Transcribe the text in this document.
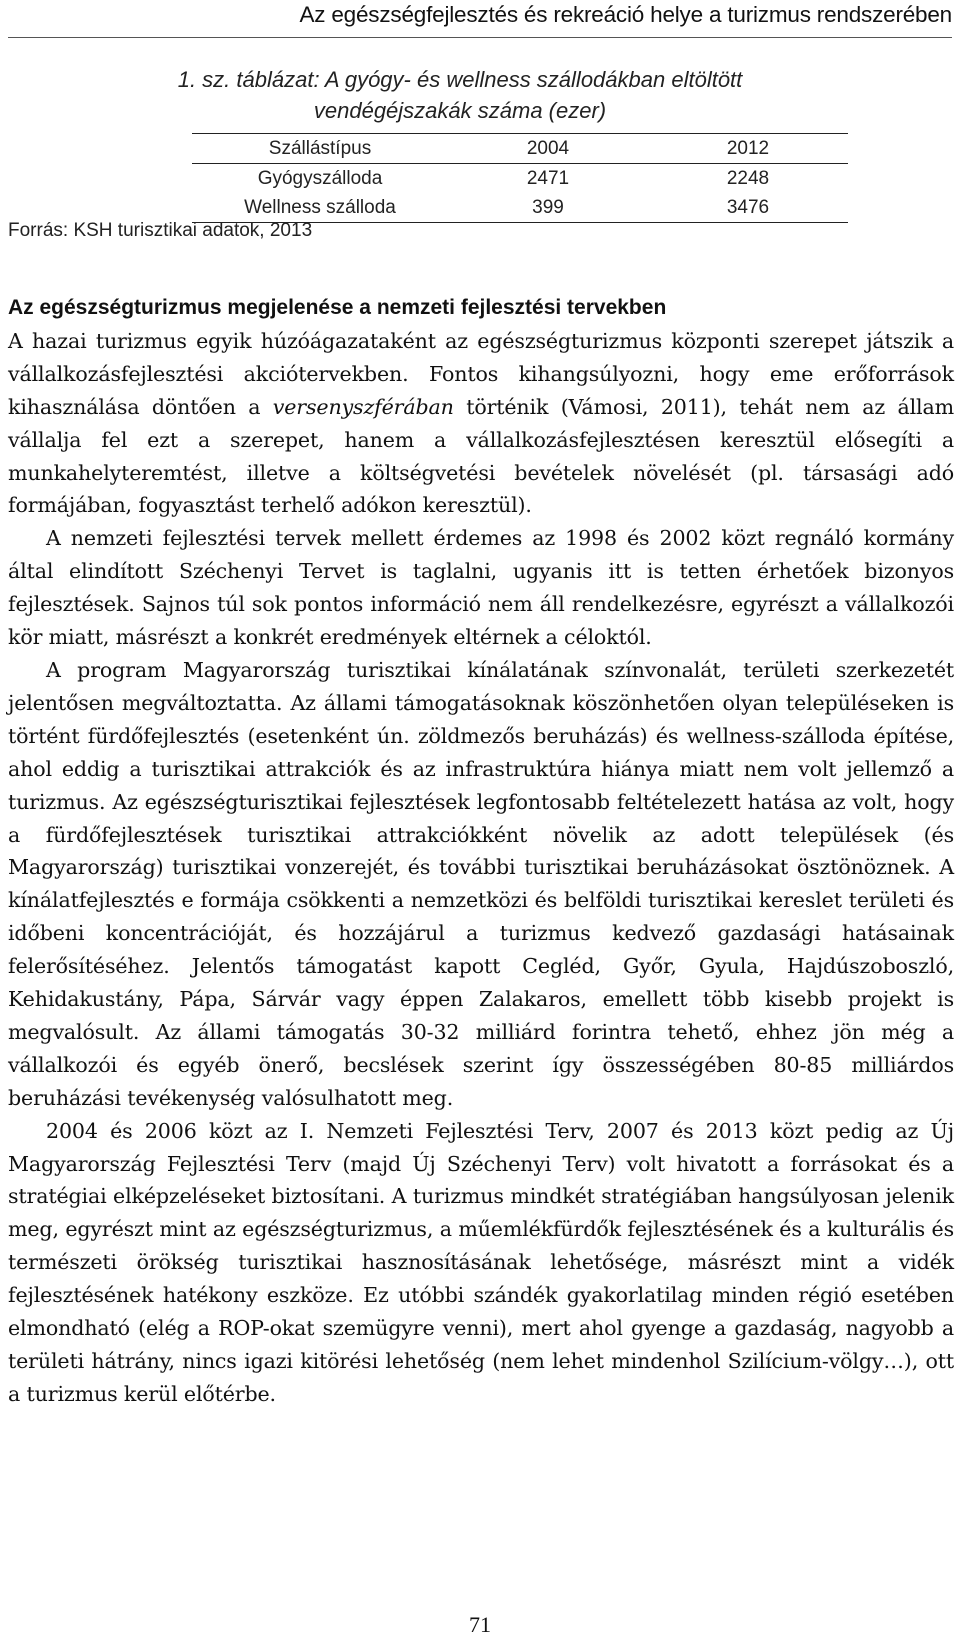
Az egészségfejlesztés és rekreáció helye a turizmus rendszerében
1. sz. táblázat: A gyógy- és wellness szállodákban eltöltött
vendégéjszakák száma (ezer)
Szállástípus	2004	2012
Gyógyszálloda	2471	2248
Wellness szálloda	399	3476
Forrás: KSH turisztikai adatok, 2013
Az egészségturizmus megjelenése a nemzeti fejlesztési tervekben

A hazai turizmus egyik húzóágazataként az egészségturizmus központi szerepet játszik a vállalkozásfejlesztési akciótervekben. Fontos kihangsúlyozni, hogy eme erőforrások kihasználása döntően a versenyszférában történik (Vámosi, 2011), tehát nem az állam vállalja fel ezt a szerepet, hanem a vállalkozásfejlesztésen keresztül elősegíti a munkahelyteremtést, illetve a költségvetési bevételek növelését (pl. társasági adó formájában, fogyasztást terhelő adókon keresztül).

A nemzeti fejlesztési tervek mellett érdemes az 1998 és 2002 közt regnáló kormány által elindított Széchenyi Tervet is taglalni, ugyanis itt is tetten érhetőek bizonyos fejlesztések. Sajnos túl sok pontos információ nem áll rendelkezésre, egyrészt a vállalkozói kör miatt, másrészt a konkrét eredmények eltérnek a céloktól.

A program Magyarország turisztikai kínálatának színvonalát, területi szerkezetét jelentősen megváltoztatta. Az állami támogatásoknak köszönhetően olyan településeken is történt fürdőfejlesztés (esetenként ún. zöldmezős beruházás) és wellness-szálloda építése, ahol eddig a turisztikai attrakciók és az infrastruktúra hiánya miatt nem volt jellemző a turizmus. Az egészségturisztikai fejlesztések legfontosabb feltételezett hatása az volt, hogy a fürdőfejlesztések turisztikai attrakciókként növelik az adott települések (és Magyarország) turisztikai vonzerejét, és további turisztikai beruházásokat ösztönöznek. A kínálatfejlesztés e formája csökkenti a nemzetközi és belföldi turisztikai kereslet területi és időbeni koncentrációját, és hozzájárul a turizmus kedvező gazdasági hatásainak felerősítéséhez. Jelentős támogatást kapott Cegléd, Győr, Gyula, Hajdúszoboszló, Kehidakustány, Pápa, Sárvár vagy éppen Zalakaros, emellett több kisebb projekt is megvalósult. Az állami támogatás 30-32 milliárd forintra tehető, ehhez jön még a vállalkozói és egyéb önerő, becslések szerint így összességében 80-85 milliárdos beruházási tevékenység valósulhatott meg.

2004 és 2006 közt az I. Nemzeti Fejlesztési Terv, 2007 és 2013 közt pedig az Új Magyarország Fejlesztési Terv (majd Új Széchenyi Terv) volt hivatott a forrásokat és a stratégiai elképzeléseket biztosítani. A turizmus mindkét stratégiában hangsúlyosan jelenik meg, egyrészt mint az egészségturizmus, a műemlékfürdők fejlesztésének és a kulturális és természeti örökség turisztikai hasznosításának lehetősége, másrészt mint a vidék fejlesztésének hatékony eszköze. Ez utóbbi szándék gyakorlatilag minden régió esetében elmondható (elég a ROP-okat szemügyre venni), mert ahol gyenge a gazdaság, nagyobb a területi hátrány, nincs igazi kitörési lehetőség (nem lehet mindenhol Szilícium-völgy…), ott a turizmus kerül előtérbe.

71
